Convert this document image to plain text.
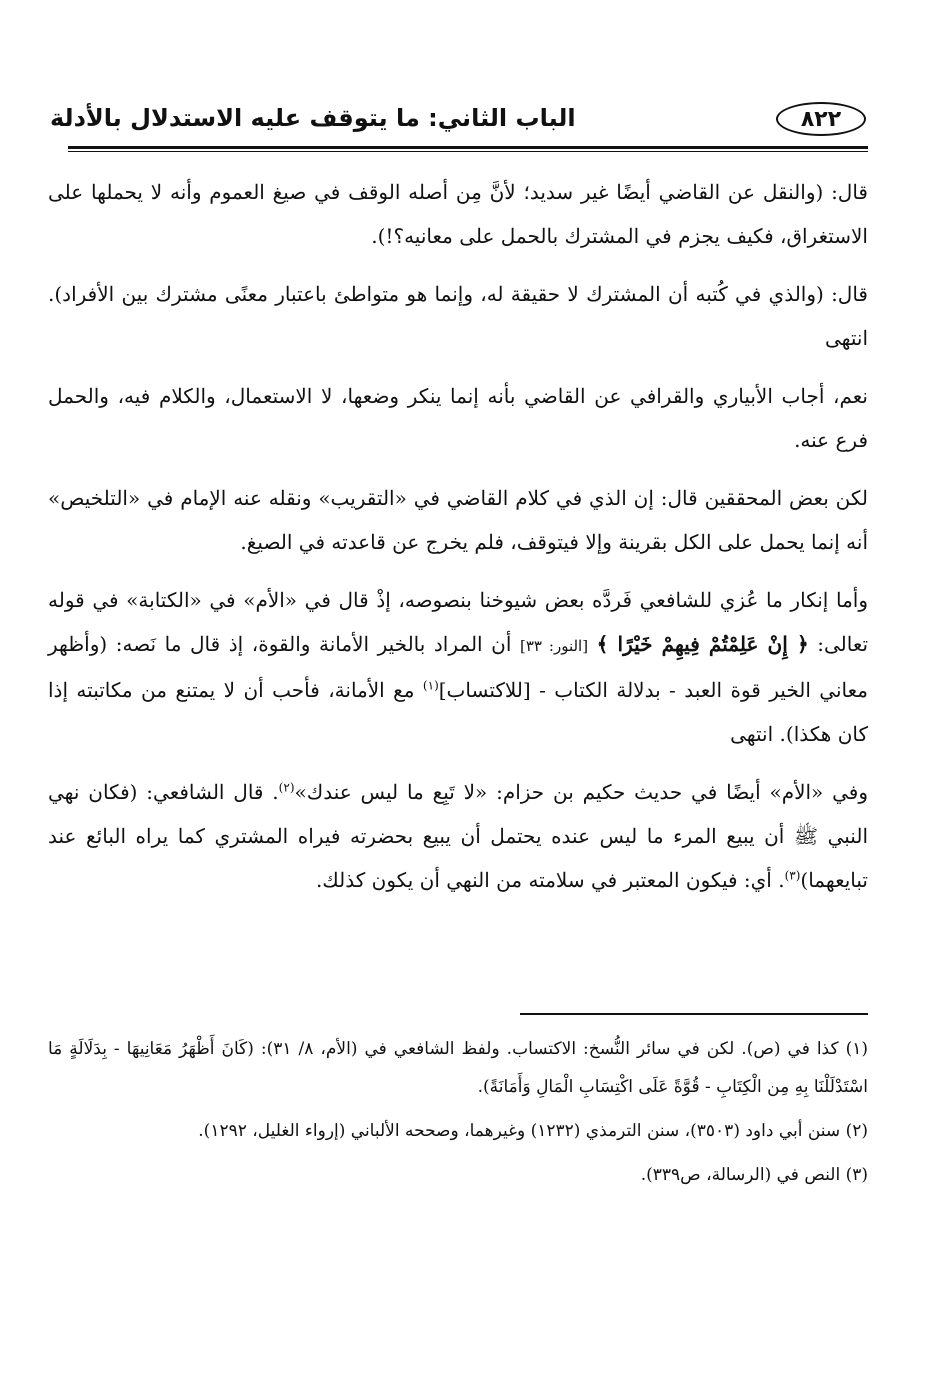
الباب الثاني: ما يتوقف عليه الاستدلال بالأدلة	٨٢٢

قال: (والنقل عن القاضي أيضًا غير سديد؛ لأنَّ مِن أصله الوقف في صيغ العموم وأنه لا يحملها على الاستغراق، فكيف يجزم في المشترك بالحمل على معانيه؟!).

قال: (والذي في كُتبه أن المشترك لا حقيقة له، وإنما هو متواطئ باعتبار معنًى مشترك بين الأفراد). انتهى

نعم، أجاب الأبياري والقرافي عن القاضي بأنه إنما ينكر وضعها، لا الاستعمال، والكلام فيه، والحمل فرع عنه.

لكن بعض المحققين قال: إن الذي في كلام القاضي في «التقريب» ونقله عنه الإمام في «التلخيص» أنه إنما يحمل على الكل بقرينة وإلا فيتوقف، فلم يخرج عن قاعدته في الصيغ.

وأما إنكار ما عُزي للشافعي فَردَّه بعض شيوخنا بنصوصه، إذْ قال في «الأم» في «الكتابة» في قوله تعالى: ﴿ إِنْ عَلِمْتُمْ فِيهِمْ خَيْرًا ﴾ [النور: ٣٣] أن المراد بالخير الأمانة والقوة، إذ قال ما نَصه: (وأظهر معاني الخير قوة العبد - بدلالة الكتاب - [للاكتساب]$^{(١)}$ مع الأمانة، فأحب أن لا يمتنع من مكاتبته إذا كان هكذا). انتهى

وفي «الأم» أيضًا في حديث حكيم بن حزام: «لا تَبِع ما ليس عندك»$^{(٢)}$. قال الشافعي: (فكان نهي النبي ﷺ أن يبيع المرء ما ليس عنده يحتمل أن يبيع بحضرته فيراه المشتري كما يراه البائع عند تبايعهما)$^{(٣)}$. أي: فيكون المعتبر في سلامته من النهي أن يكون كذلك.

(١) كذا في (ص). لكن في سائر النُّسخ: الاكتساب. ولفظ الشافعي في (الأم، ٨/ ٣١): (كَانَ أَظْهَرُ مَعَانِيهَا - بِدَلَالَةٍ مَا اسْتَدْلَلْنَا بِهِ مِن الْكِتَابِ - قُوَّةً عَلَى اكْتِسَابِ الْمَالِ وَأَمَانَةً).

(٢) سنن أبي داود (٣٥٠٣)، سنن الترمذي (١٢٣٢) وغيرهما، وصححه الألباني (إرواء الغليل، ١٢٩٢).

(٣) النص في (الرسالة، ص٣٣٩).
